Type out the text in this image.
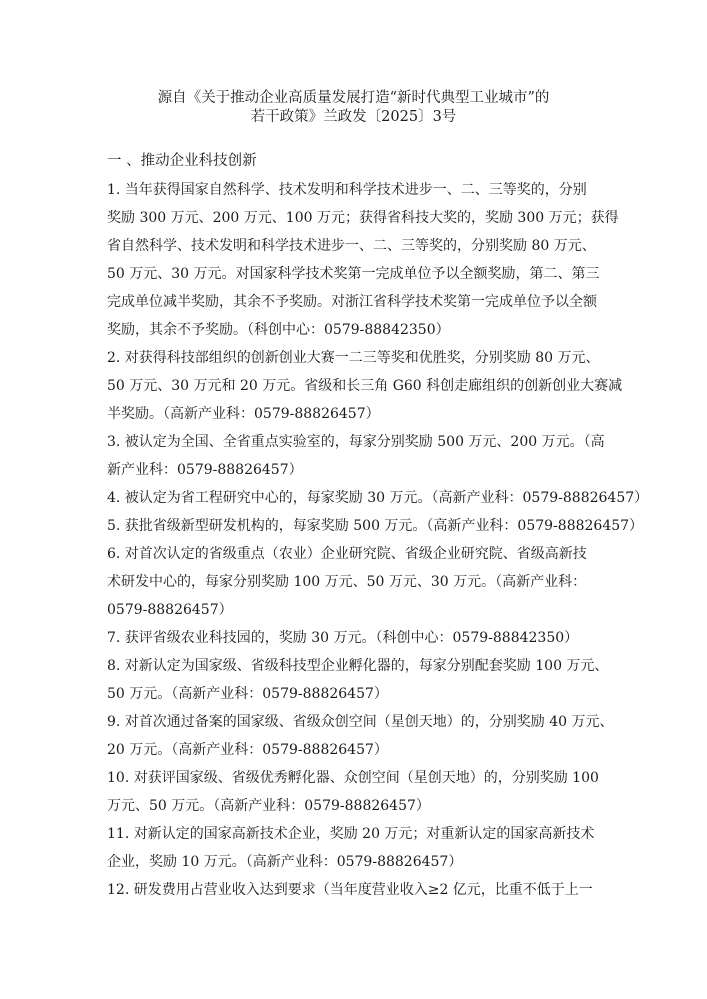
源自《关于推动企业高质量发展打造“新时代典型工业城市”的
若干政策》兰政发〔2025〕3号
一 、推动企业科技创新
1. 当年获得国家自然科学、技术发明和科学技术进步一、二、三等奖的，分别
奖励 300 万元、200 万元、100 万元；获得省科技大奖的，奖励 300 万元；获得
省自然科学、技术发明和科学技术进步一、二、三等奖的，分别奖励 80 万元、
50 万元、30 万元。对国家科学技术奖第一完成单位予以全额奖励，第二、第三
完成单位减半奖励，其余不予奖励。对浙江省科学技术奖第一完成单位予以全额
奖励，其余不予奖励。（科创中心：0579-88842350）
2. 对获得科技部组织的创新创业大赛一二三等奖和优胜奖，分别奖励 80 万元、
50 万元、30 万元和 20 万元。省级和长三角 G60 科创走廊组织的创新创业大赛减
半奖励。（高新产业科：0579-88826457）
3. 被认定为全国、全省重点实验室的，每家分别奖励 500 万元、200 万元。（高
新产业科：0579-88826457）
4. 被认定为省工程研究中心的，每家奖励 30 万元。（高新产业科：0579-88826457）
5. 获批省级新型研发机构的，每家奖励 500 万元。（高新产业科：0579-88826457）
6. 对首次认定的省级重点（农业）企业研究院、省级企业研究院、省级高新技
术研发中心的，每家分别奖励 100 万元、50 万元、30 万元。（高新产业科：
0579-88826457）
7. 获评省级农业科技园的，奖励 30 万元。（科创中心：0579-88842350）
8. 对新认定为国家级、省级科技型企业孵化器的，每家分别配套奖励 100 万元、
50 万元。（高新产业科：0579-88826457）
9. 对首次通过备案的国家级、省级众创空间（星创天地）的，分别奖励 40 万元、
20 万元。（高新产业科：0579-88826457）
10. 对获评国家级、省级优秀孵化器、众创空间（星创天地）的，分别奖励 100
万元、50 万元。（高新产业科：0579-88826457）
11. 对新认定的国家高新技术企业，奖励 20 万元；对重新认定的国家高新技术
企业，奖励 10 万元。（高新产业科：0579-88826457）
12. 研发费用占营业收入达到要求（当年度营业收入≥2 亿元，比重不低于上一
